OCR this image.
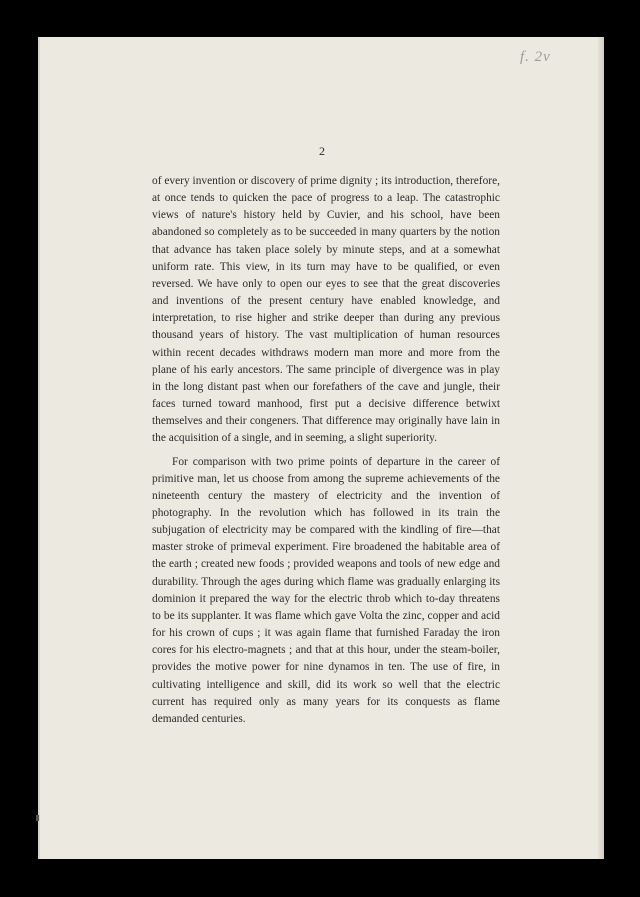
f. 2v
2

of every invention or discovery of prime dignity ; its introduction, therefore, at once tends to quicken the pace of progress to a leap. The catastrophic views of nature's history held by Cuvier, and his school, have been abandoned so completely as to be succeeded in many quarters by the notion that advance has taken place solely by minute steps, and at a somewhat uniform rate. This view, in its turn may have to be qualified, or even reversed. We have only to open our eyes to see that the great discoveries and inventions of the present century have enabled knowledge, and interpretation, to rise higher and strike deeper than during any previous thousand years of history. The vast multiplication of human resources within recent decades withdraws modern man more and more from the plane of his early ancestors. The same principle of divergence was in play in the long distant past when our forefathers of the cave and jungle, their faces turned toward manhood, first put a decisive difference betwixt themselves and their congeners. That difference may originally have lain in the acquisition of a single, and in seeming, a slight superiority.

For comparison with two prime points of departure in the career of primitive man, let us choose from among the supreme achievements of the nineteenth century the mastery of electricity and the invention of photography. In the revolution which has followed in its train the subjugation of electricity may be compared with the kindling of fire—that master stroke of primeval experiment. Fire broadened the habitable area of the earth ; created new foods ; provided weapons and tools of new edge and durability. Through the ages during which flame was gradually enlarging its dominion it prepared the way for the electric throb which to-day threatens to be its supplanter. It was flame which gave Volta the zinc, copper and acid for his crown of cups ; it was again flame that furnished Faraday the iron cores for his electro-magnets ; and that at this hour, under the steam-boiler, provides the motive power for nine dynamos in ten. The use of fire, in cultivating intelligence and skill, did its work so well that the electric current has required only as many years for its conquests as flame demanded centuries.
